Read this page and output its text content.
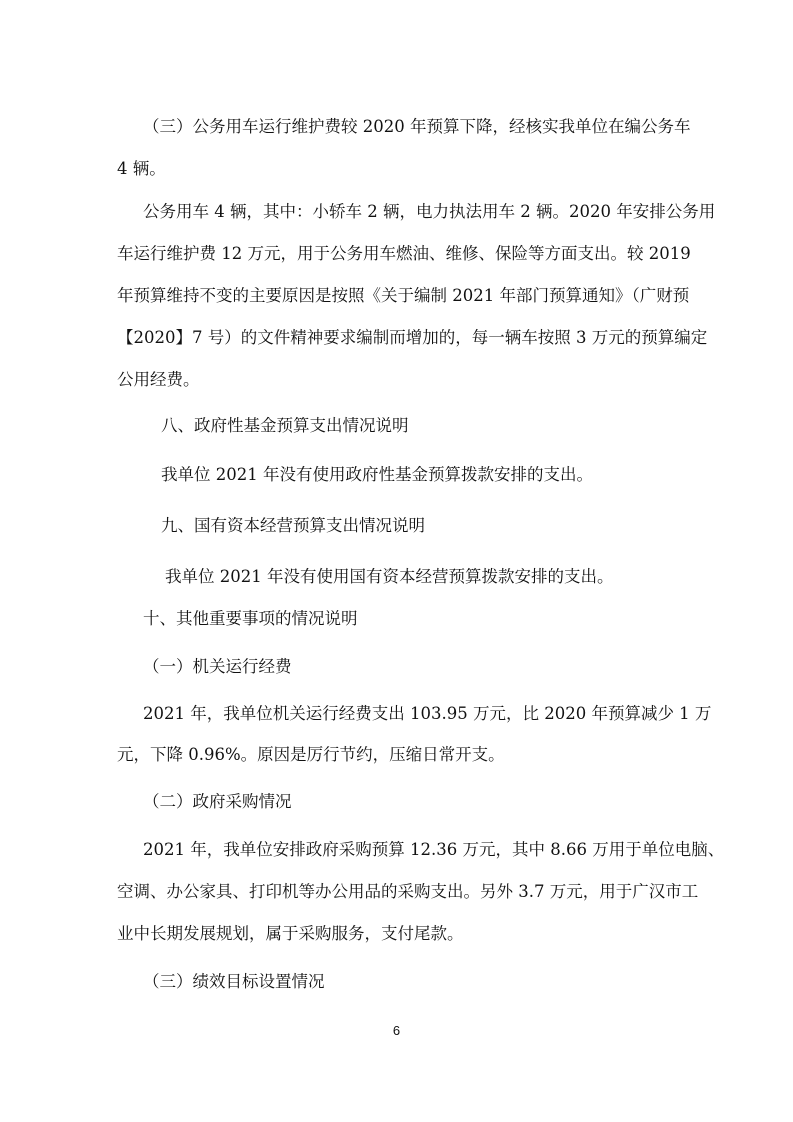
（三）公务用车运行维护费较 2020 年预算下降，经核实我单位在编公务车
4 辆。
公务用车 4 辆，其中：小轿车 2 辆，电力执法用车 2 辆。2020 年安排公务用
车运行维护费 12 万元，用于公务用车燃油、维修、保险等方面支出。较 2019
年预算维持不变的主要原因是按照《关于编制 2021 年部门预算通知》（广财预
【2020】7 号）的文件精神要求编制而增加的，每一辆车按照 3 万元的预算编定
公用经费。
八、政府性基金预算支出情况说明
我单位 2021 年没有使用政府性基金预算拨款安排的支出。
九、国有资本经营预算支出情况说明
我单位 2021 年没有使用国有资本经营预算拨款安排的支出。
十、其他重要事项的情况说明
（一）机关运行经费
2021 年，我单位机关运行经费支出 103.95 万元，比 2020 年预算减少 1 万
元，下降 0.96%。原因是厉行节约，压缩日常开支。
（二）政府采购情况
2021 年，我单位安排政府采购预算 12.36 万元，其中 8.66 万用于单位电脑、
空调、办公家具、打印机等办公用品的采购支出。另外 3.7 万元，用于广汉市工
业中长期发展规划，属于采购服务，支付尾款。
（三）绩效目标设置情况
6
